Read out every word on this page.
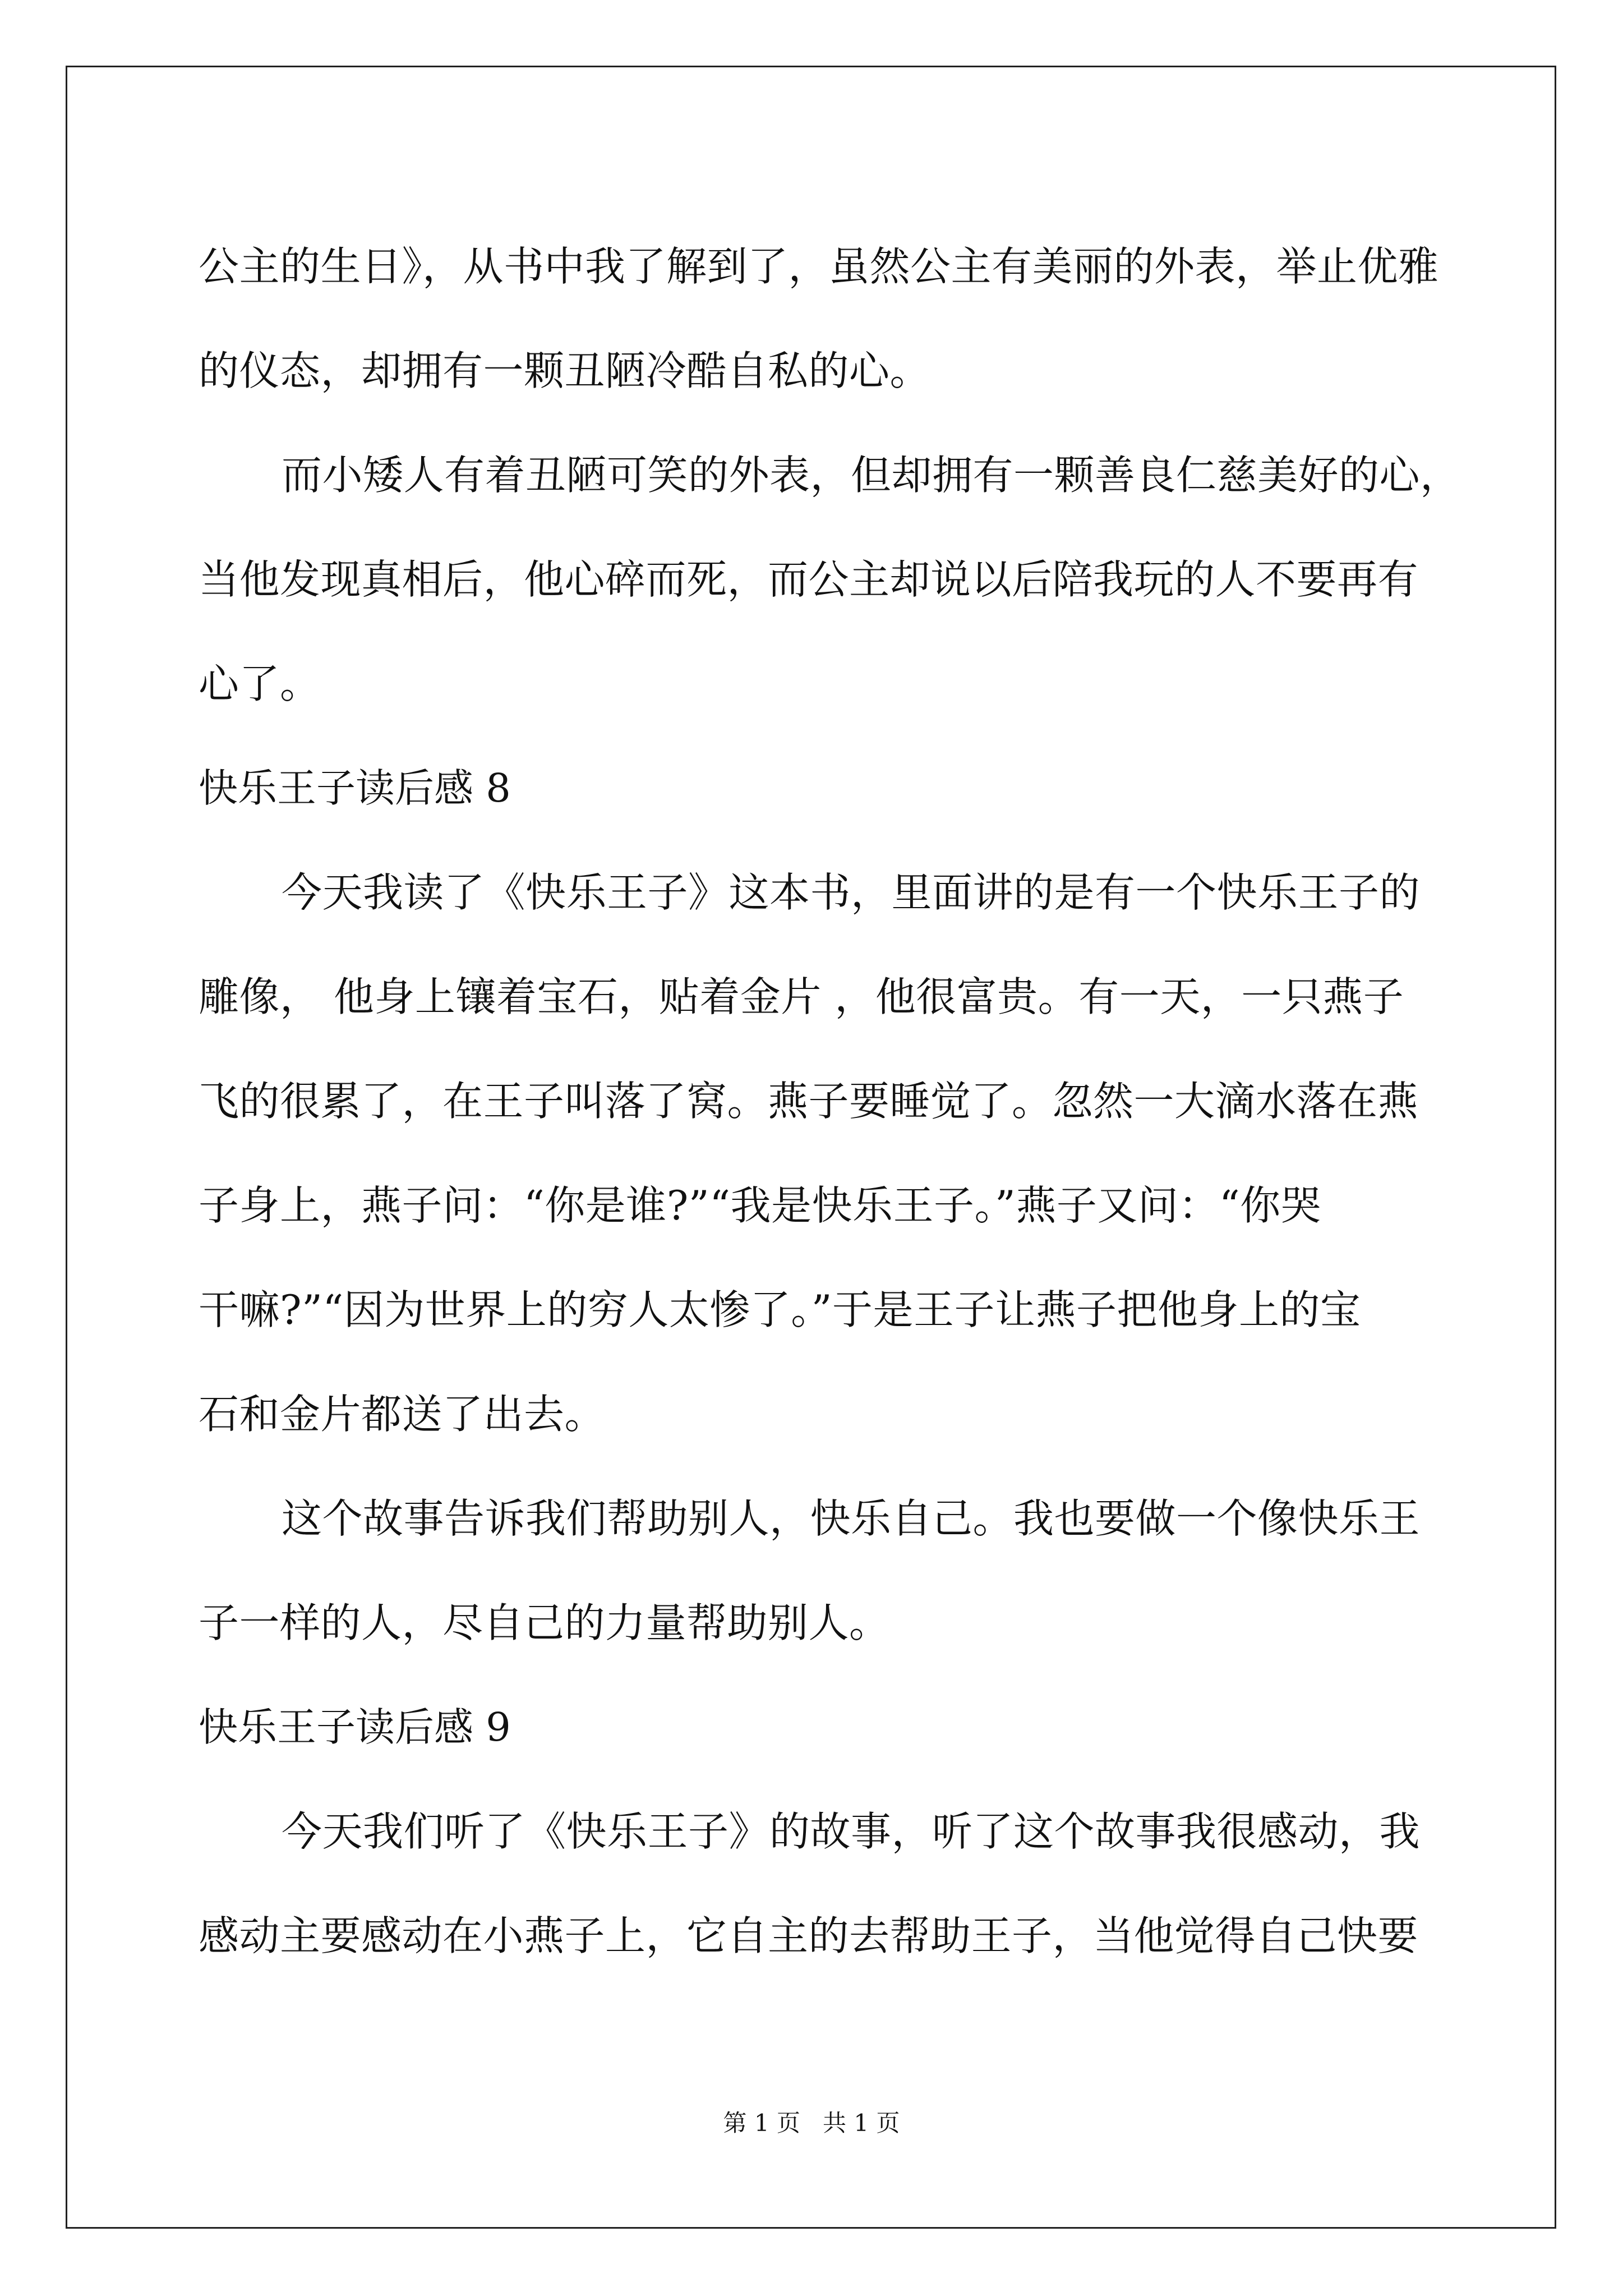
公主的生日》，从书中我了解到了，虽然公主有美丽的外表，举止优雅
的仪态，却拥有一颗丑陋冷酷自私的心。
而小矮人有着丑陋可笑的外表，但却拥有一颗善良仁慈美好的心，
当他发现真相后，他心碎而死，而公主却说以后陪我玩的人不要再有
心了。
快乐王子读后感 8
今天我读了《快乐王子》这本书，里面讲的是有一个快乐王子的
雕像， 他身上镶着宝石，贴着金片 ，他很富贵。有一天，一只燕子
飞的很累了，在王子叫落了窝。燕子要睡觉了。忽然一大滴水落在燕
子身上，燕子问：“你是谁?”“我是快乐王子。”燕子又问：“你哭
干嘛?”“因为世界上的穷人太惨了。”于是王子让燕子把他身上的宝
石和金片都送了出去。
这个故事告诉我们帮助别人，快乐自己。我也要做一个像快乐王
子一样的人，尽自己的力量帮助别人。
快乐王子读后感 9
今天我们听了《快乐王子》的故事，听了这个故事我很感动，我
感动主要感动在小燕子上，它自主的去帮助王子，当他觉得自己快要
第 1 页   共 1 页
